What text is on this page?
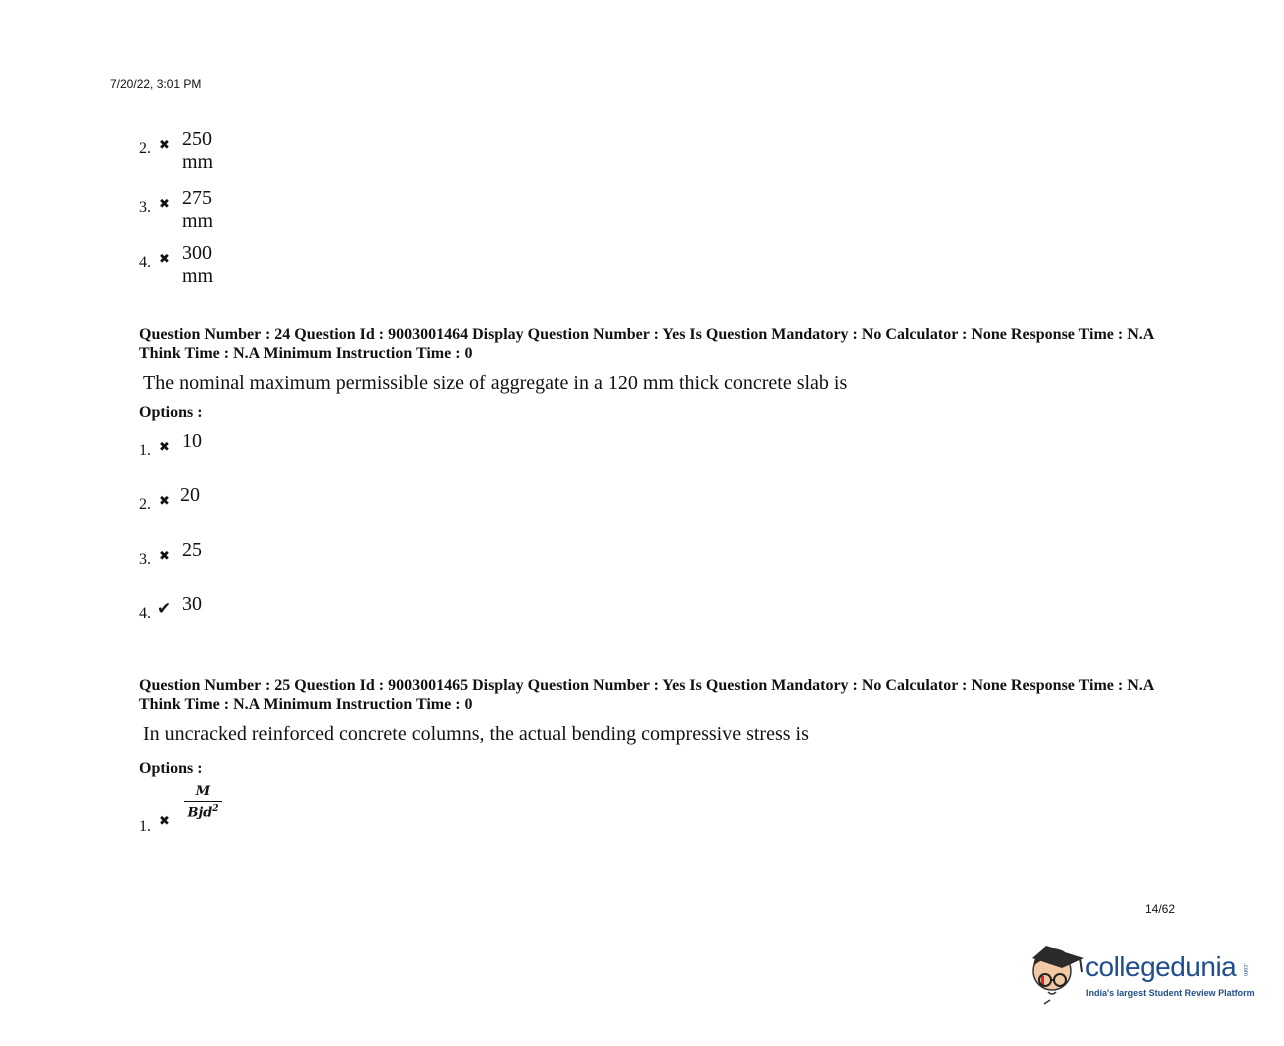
7/20/22, 3:01 PM
2. ✖ 250 mm
3. ✖ 275 mm
4. ✖ 300 mm
Question Number : 24 Question Id : 9003001464 Display Question Number : Yes Is Question Mandatory : No Calculator : None Response Time : N.A Think Time : N.A Minimum Instruction Time : 0
The nominal maximum permissible size of aggregate in a 120 mm thick concrete slab is
Options :
1. ✖ 10
2. ✖ 20
3. ✖ 25
4. ✔ 30
Question Number : 25 Question Id : 9003001465 Display Question Number : Yes Is Question Mandatory : No Calculator : None Response Time : N.A Think Time : N.A Minimum Instruction Time : 0
In uncracked reinforced concrete columns, the actual bending compressive stress is
Options :
1. ✖
M
Bjd$^2$
14/62
collegedunia .com
India's largest Student Review Platform
